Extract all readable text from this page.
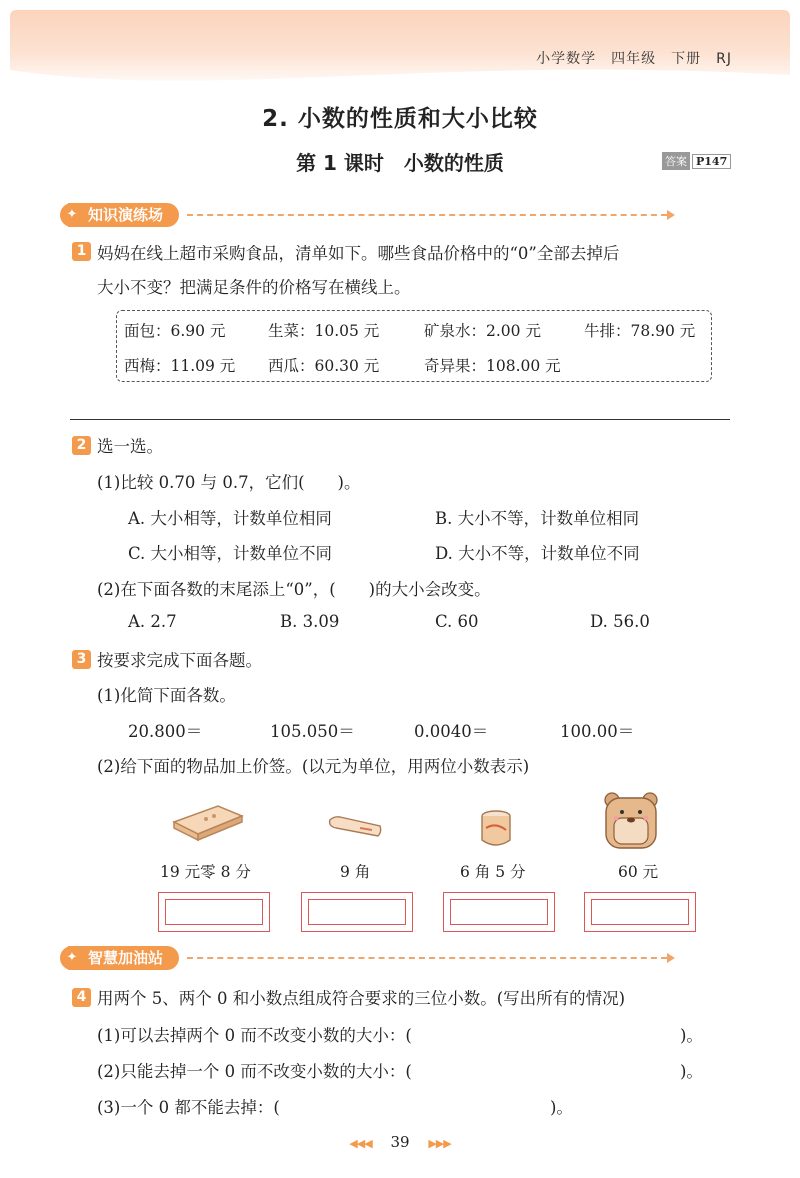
小学数学　四年级　下册　RJ
2. 小数的性质和大小比较
第 1 课时　小数的性质	答案 P147
✦ 知识演练场
1 妈妈在线上超市采购食品，清单如下。哪些食品价格中的“0”全部去掉后
大小不变？把满足条件的价格写在横线上。
面包：6.90 元	生菜：10.05 元	矿泉水：2.00 元	牛排：78.90 元
西梅：11.09 元 西瓜：60.30 元	奇异果：108.00 元
2 选一选。
(1)比较 0.70 与 0.7，它们(　　)。
A. 大小相等，计数单位相同	B. 大小不等，计数单位相同
C. 大小相等，计数单位不同	D. 大小不等，计数单位不同
(2)在下面各数的末尾添上“0”，(　　)的大小会改变。
A. 2.7	B. 3.09	C. 60	D. 56.0
3 按要求完成下面各题。
(1)化简下面各数。
20.800＝	105.050＝	0.0040＝	100.00＝
(2)给下面的物品加上价签。(以元为单位，用两位小数表示)
19 元零 8 分	9 角	6 角 5 分	60 元
✦ 智慧加油站
4 用两个 5、两个 0 和小数点组成符合要求的三位小数。(写出所有的情况)
(1)可以去掉两个 0 而不改变小数的大小：(	)。
(2)只能去掉一个 0 而不改变小数的大小：(	)。
(3)一个 0 都不能去掉：(	)。
◀◀◀ 39 ▶▶▶
